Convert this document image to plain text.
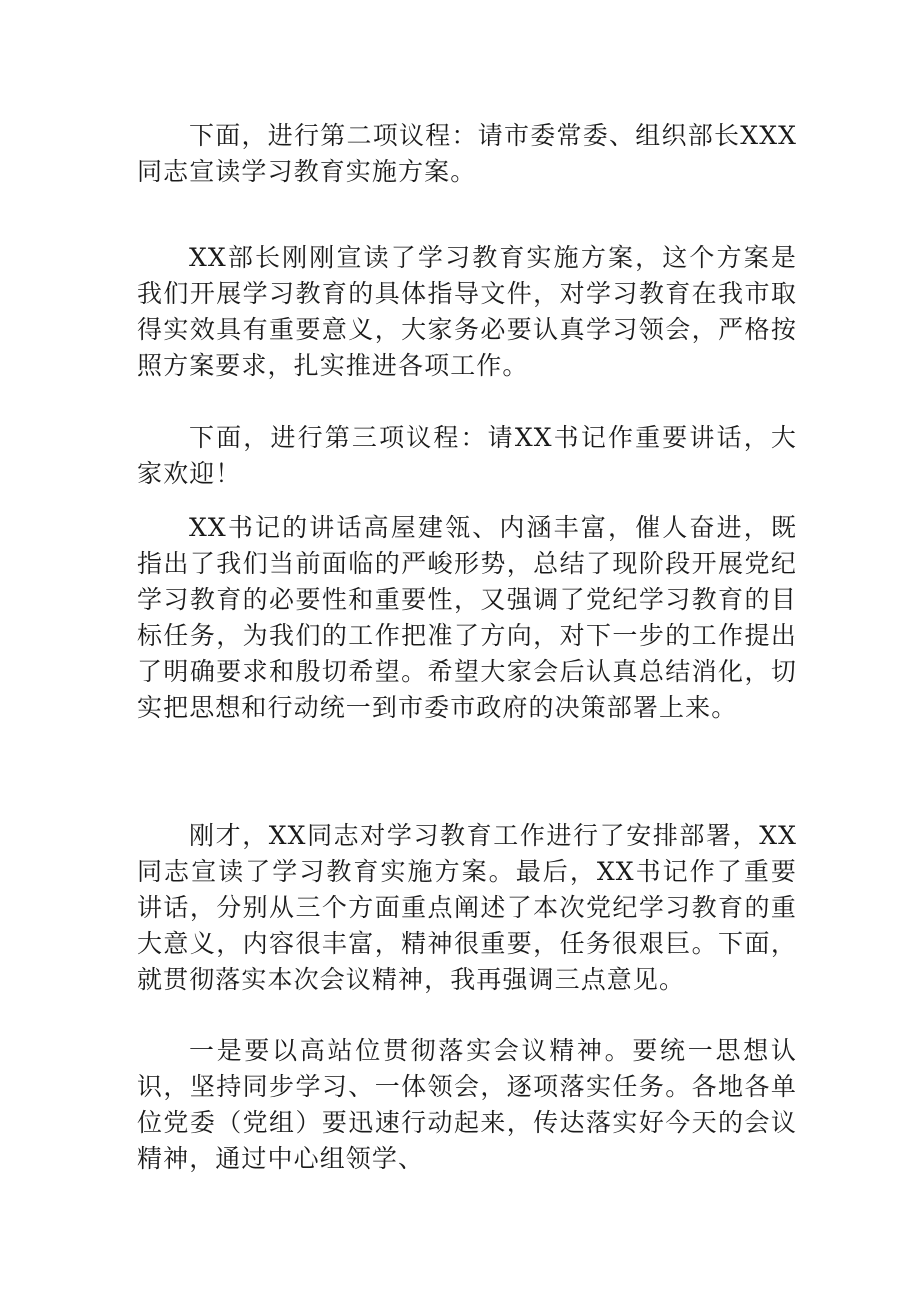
下面，进行第二项议程：请市委常委、组织部长XXX同志宣读学习教育实施方案。

XX部长刚刚宣读了学习教育实施方案，这个方案是我们开展学习教育的具体指导文件，对学习教育在我市取得实效具有重要意义，大家务必要认真学习领会，严格按照方案要求，扎实推进各项工作。

下面，进行第三项议程：请XX书记作重要讲话，大家欢迎！

XX书记的讲话高屋建瓴、内涵丰富，催人奋进，既指出了我们当前面临的严峻形势，总结了现阶段开展党纪学习教育的必要性和重要性，又强调了党纪学习教育的目标任务，为我们的工作把准了方向，对下一步的工作提出了明确要求和殷切希望。希望大家会后认真总结消化，切实把思想和行动统一到市委市政府的决策部署上来。

刚才，XX同志对学习教育工作进行了安排部署，XX同志宣读了学习教育实施方案。最后，XX书记作了重要讲话，分别从三个方面重点阐述了本次党纪学习教育的重大意义，内容很丰富，精神很重要，任务很艰巨。下面，就贯彻落实本次会议精神，我再强调三点意见。

一是要以高站位贯彻落实会议精神。要统一思想认识，坚持同步学习、一体领会，逐项落实任务。各地各单位党委（党组）要迅速行动起来，传达落实好今天的会议精神，通过中心组领学、
